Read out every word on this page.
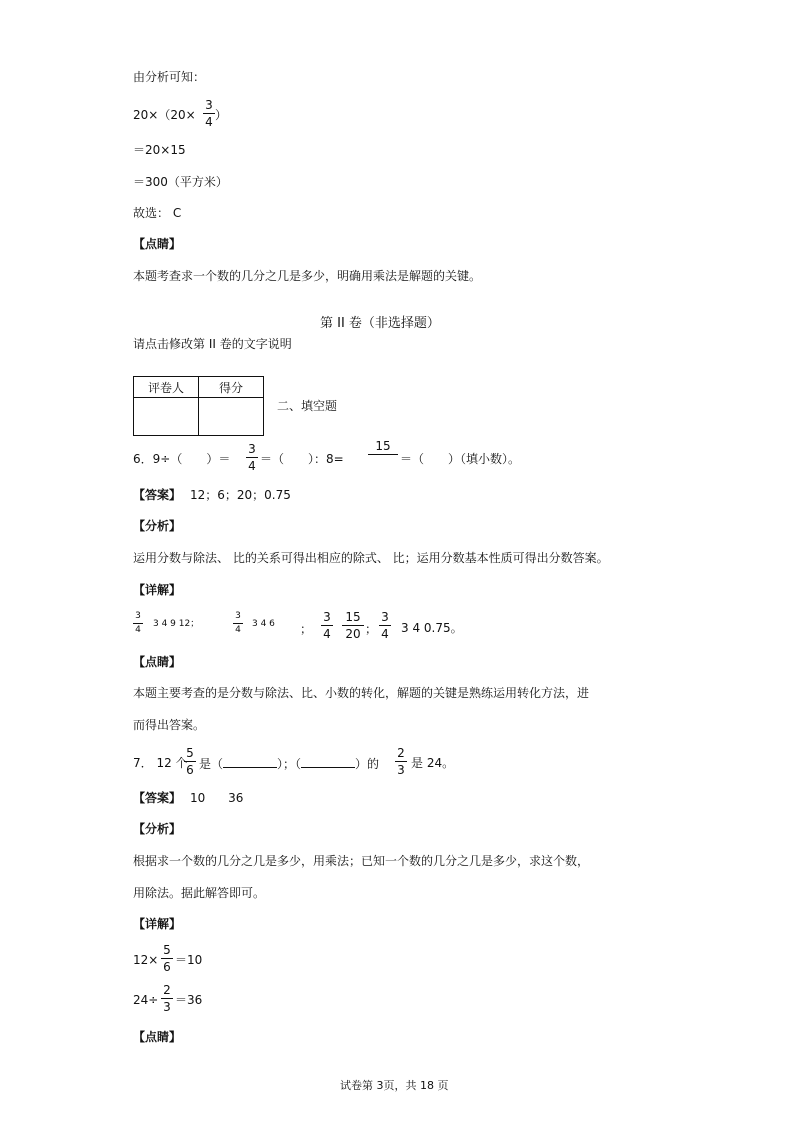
由分析可知：
20×（20×
3
4 ）
＝20×15
＝300（平方米）
故选： C
【点睛】
本题考查求一个数的几分之几是多少，明确用乘法是解题的关键。
第 II 卷（非选择题）
请点击修改第 II 卷的文字说明
评卷人	得分

二、填空题
6．9÷（　　）＝
3
4 ＝（　　）：8=
15

＝（　　）（填小数）。
【答案】 12；6；20；0.75
【分析】
运用分数与除法、 比的关系可得出相应的除式、 比；运用分数基本性质可得出分数答案。
【详解】
3
4
3 4 9 12；
3
4
3 4 6 ；
3
4
15
20 ；
3
4 3 4 0.75。
【点睛】
本题主要考查的是分数与除法、比、小数的转化，解题的关键是熟练运用转化方法，进
而得出答案。
7． 12 个
5
6 是（	）；（	）的
2
3 是 24。
【答案】 10      36
【分析】
根据求一个数的几分之几是多少，用乘法；已知一个数的几分之几是多少，求这个数，
用除法。据此解答即可。
【详解】
12×
5
6 ＝10
24÷
2
3 ＝36
【点睛】
试卷第 3页，共 18 页
